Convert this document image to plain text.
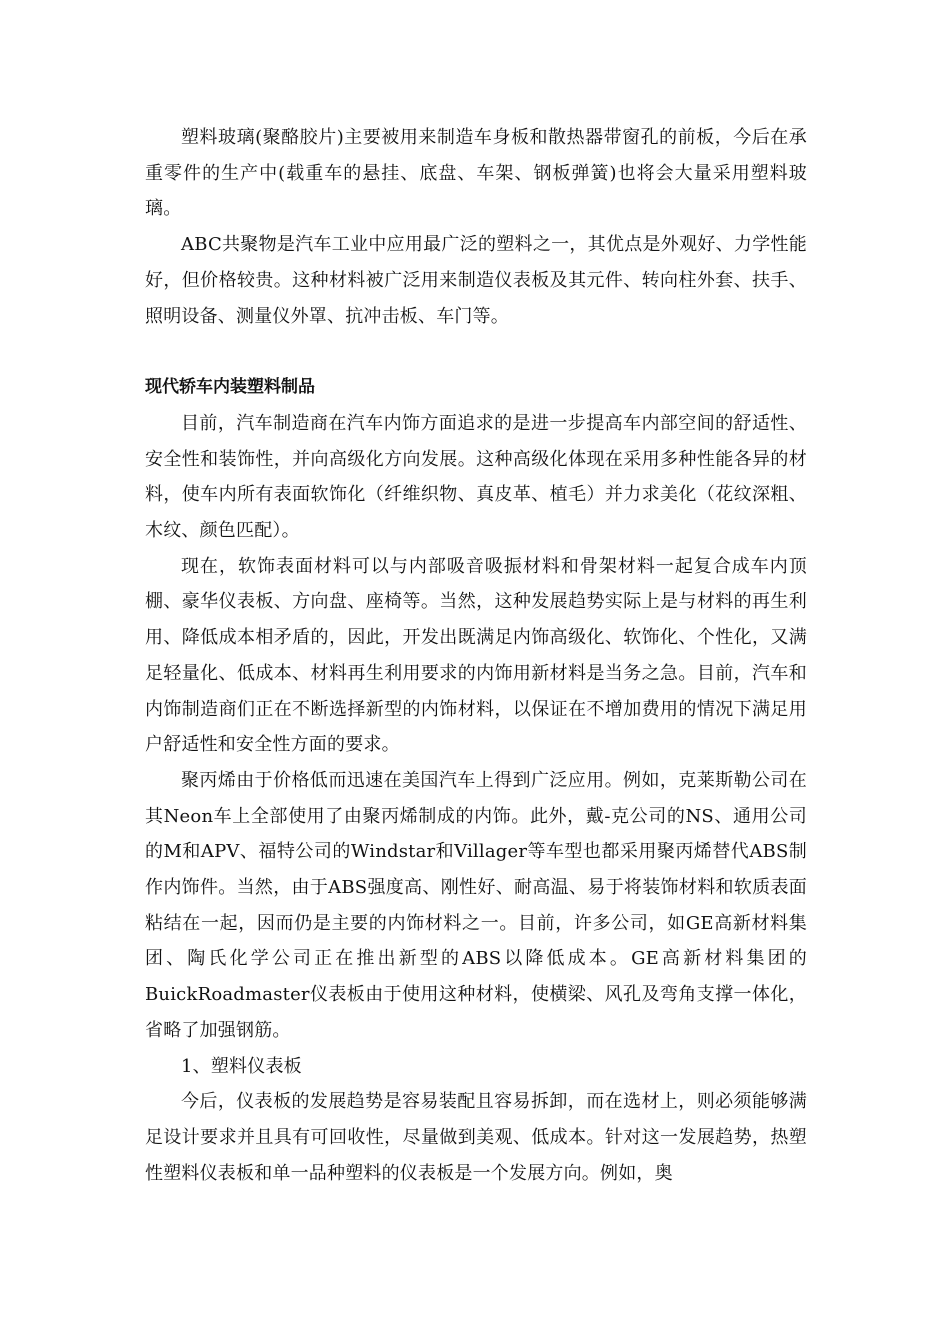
塑料玻璃(聚酪胶片)主要被用来制造车身板和散热器带窗孔的前板，今后在承重零件的生产中(载重车的悬挂、底盘、车架、钢板弹簧)也将会大量采用塑料玻璃。

ABC共聚物是汽车工业中应用最广泛的塑料之一，其优点是外观好、力学性能好，但价格较贵。这种材料被广泛用来制造仪表板及其元件、转向柱外套、扶手、照明设备、测量仪外罩、抗冲击板、车门等。

现代轿车内装塑料制品

目前，汽车制造商在汽车内饰方面追求的是进一步提高车内部空间的舒适性、安全性和装饰性，并向高级化方向发展。这种高级化体现在采用多种性能各异的材料，使车内所有表面软饰化（纤维织物、真皮革、植毛）并力求美化（花纹深粗、木纹、颜色匹配）。

现在，软饰表面材料可以与内部吸音吸振材料和骨架材料一起复合成车内顶棚、豪华仪表板、方向盘、座椅等。当然，这种发展趋势实际上是与材料的再生利用、降低成本相矛盾的，因此，开发出既满足内饰高级化、软饰化、个性化，又满足轻量化、低成本、材料再生利用要求的内饰用新材料是当务之急。目前，汽车和内饰制造商们正在不断选择新型的内饰材料，以保证在不增加费用的情况下满足用户舒适性和安全性方面的要求。

聚丙烯由于价格低而迅速在美国汽车上得到广泛应用。例如，克莱斯勒公司在其Neon车上全部使用了由聚丙烯制成的内饰。此外，戴-克公司的NS、通用公司的M和APV、福特公司的Windstar和Villager等车型也都采用聚丙烯替代ABS制作内饰件。当然，由于ABS强度高、刚性好、耐高温、易于将装饰材料和软质表面粘结在一起，因而仍是主要的内饰材料之一。目前，许多公司，如GE高新材料集团、陶氏化学公司正在推出新型的ABS以降低成本。GE高新材料集团的BuickRoadmaster仪表板由于使用这种材料，使横梁、风孔及弯角支撑一体化，省略了加强钢筋。

1、塑料仪表板

今后，仪表板的发展趋势是容易装配且容易拆卸，而在选材上，则必须能够满足设计要求并且具有可回收性，尽量做到美观、低成本。针对这一发展趋势，热塑性塑料仪表板和单一品种塑料的仪表板是一个发展方向。例如，奥
